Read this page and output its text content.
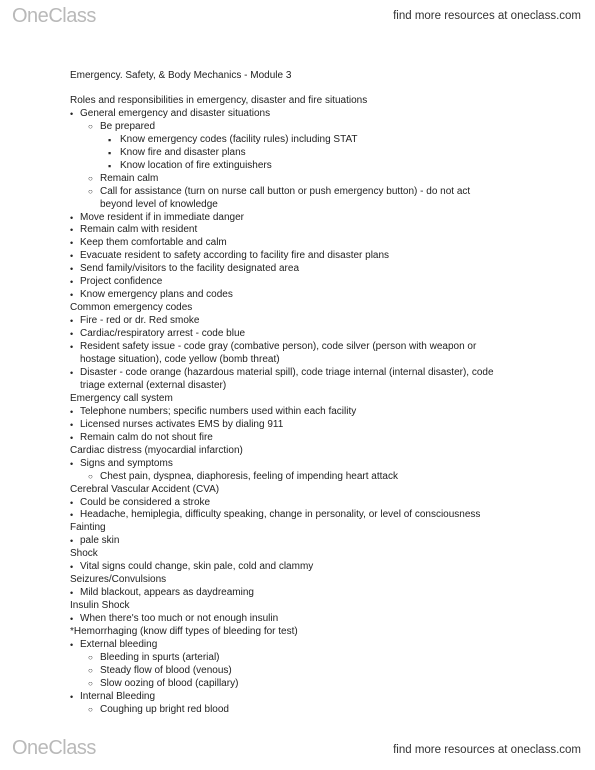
OneClass	find more resources at oneclass.com
Emergency. Safety, & Body Mechanics - Module 3
Roles and responsibilities in emergency, disaster and fire situations
• General emergency and disaster situations
○ Be prepared
▪ Know emergency codes (facility rules) including STAT
▪ Know fire and disaster plans
▪ Know location of fire extinguishers
○ Remain calm
○ Call for assistance (turn on nurse call button or push emergency button) - do not act
beyond level of knowledge
• Move resident if in immediate danger
• Remain calm with resident
• Keep them comfortable and calm
• Evacuate resident to safety according to facility fire and disaster plans
• Send family/visitors to the facility designated area
• Project confidence
• Know emergency plans and codes
Common emergency codes
• Fire - red or dr. Red smoke
• Cardiac/respiratory arrest - code blue
• Resident safety issue - code gray (combative person), code silver (person with weapon or
hostage situation), code yellow (bomb threat)
• Disaster - code orange (hazardous material spill), code triage internal (internal disaster), code
triage external (external disaster)
Emergency call system
• Telephone numbers; specific numbers used within each facility
• Licensed nurses activates EMS by dialing 911
• Remain calm do not shout fire
Cardiac distress (myocardial infarction)
• Signs and symptoms
○ Chest pain, dyspnea, diaphoresis, feeling of impending heart attack
Cerebral Vascular Accident (CVA)
• Could be considered a stroke
• Headache, hemiplegia, difficulty speaking, change in personality, or level of consciousness
Fainting
• pale skin
Shock
• Vital signs could change, skin pale, cold and clammy
Seizures/Convulsions
• Mild blackout, appears as daydreaming
Insulin Shock
• When there's too much or not enough insulin
*Hemorrhaging (know diff types of bleeding for test)
• External bleeding
○ Bleeding in spurts (arterial)
○ Steady flow of blood (venous)
○ Slow oozing of blood (capillary)
• Internal Bleeding
○ Coughing up bright red blood
OneClass	find more resources at oneclass.com
